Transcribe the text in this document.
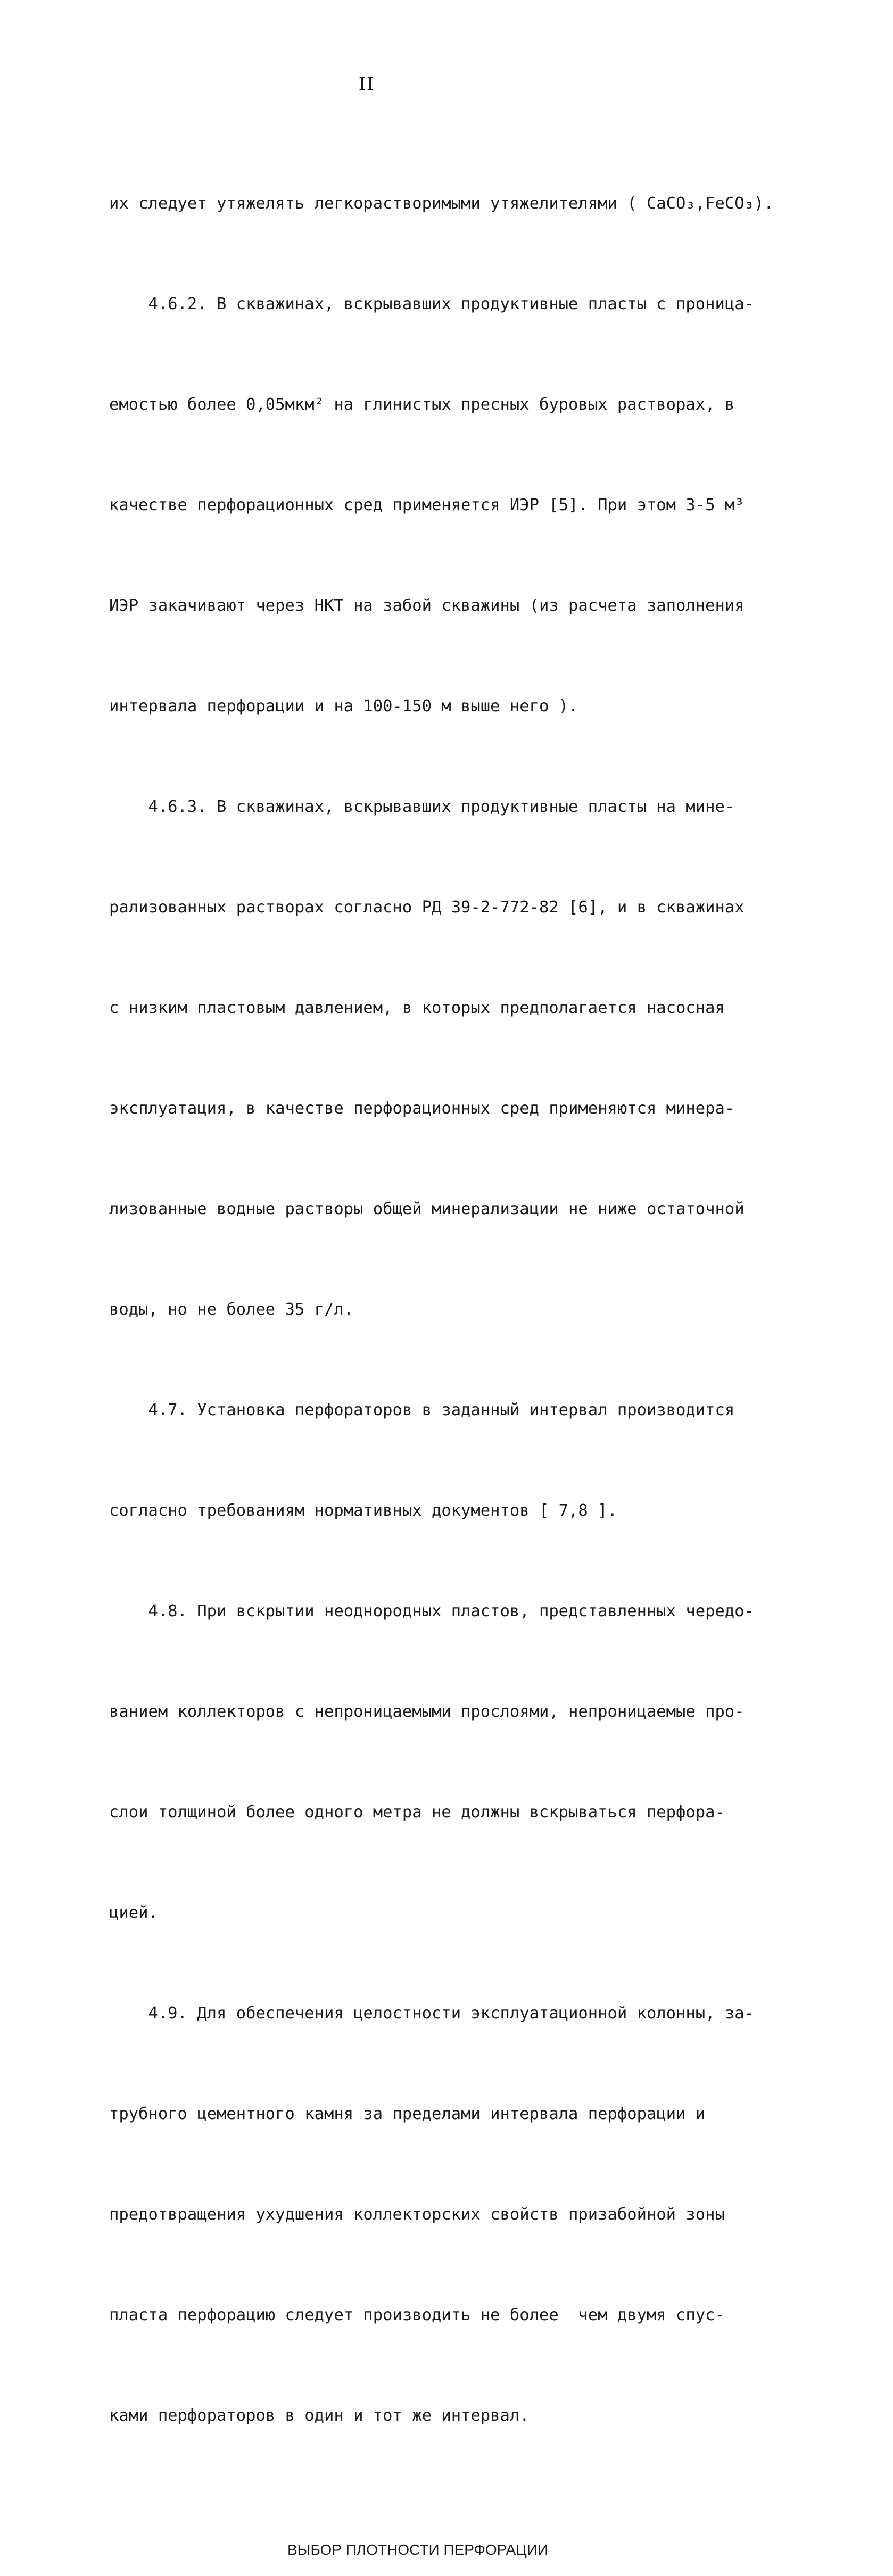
II

их следует утяжелять легкорастворимыми утяжелителями ( CaCO₃,FeCO₃).

4.6.2. В скважинах, вскрывавших продуктивные пласты с проница-

емостью более 0,05мкм² на глинистых пресных буровых растворах, в

качестве перфорационных сред применяется ИЭР [5]. При этом 3-5 м³

ИЭР закачивают через НКТ на забой скважины (из расчета заполнения

интервала перфорации и на 100-150 м выше него ).

4.6.3. В скважинах, вскрывавших продуктивные пласты на мине-

рализованных растворах согласно РД 39-2-772-82 [6], и в скважинах

с низким пластовым давлением, в которых предполагается насосная

эксплуатация, в качестве перфорационных сред применяются минера-

лизованные водные растворы общей минерализации не ниже остаточной

воды, но не более 35 г/л.

4.7. Установка перфораторов в заданный интервал производится

согласно требованиям нормативных документов [ 7,8 ].

4.8. При вскрытии неоднородных пластов, представленных чередо-

ванием коллекторов с непроницаемыми прослоями, непроницаемые про-

слои толщиной более одного метра не должны вскрываться перфора-

цией.

4.9. Для обеспечения целостности эксплуатационной колонны, за-

трубного цементного камня за пределами интервала перфорации и

предотвращения ухудшения коллекторских свойств призабойной зоны

пласта перфорацию следует производить не более  чем двумя спус-

ками перфораторов в один и тот же интервал.

ВЫБОР ПЛОТНОСТИ ПЕРФОРАЦИИ
